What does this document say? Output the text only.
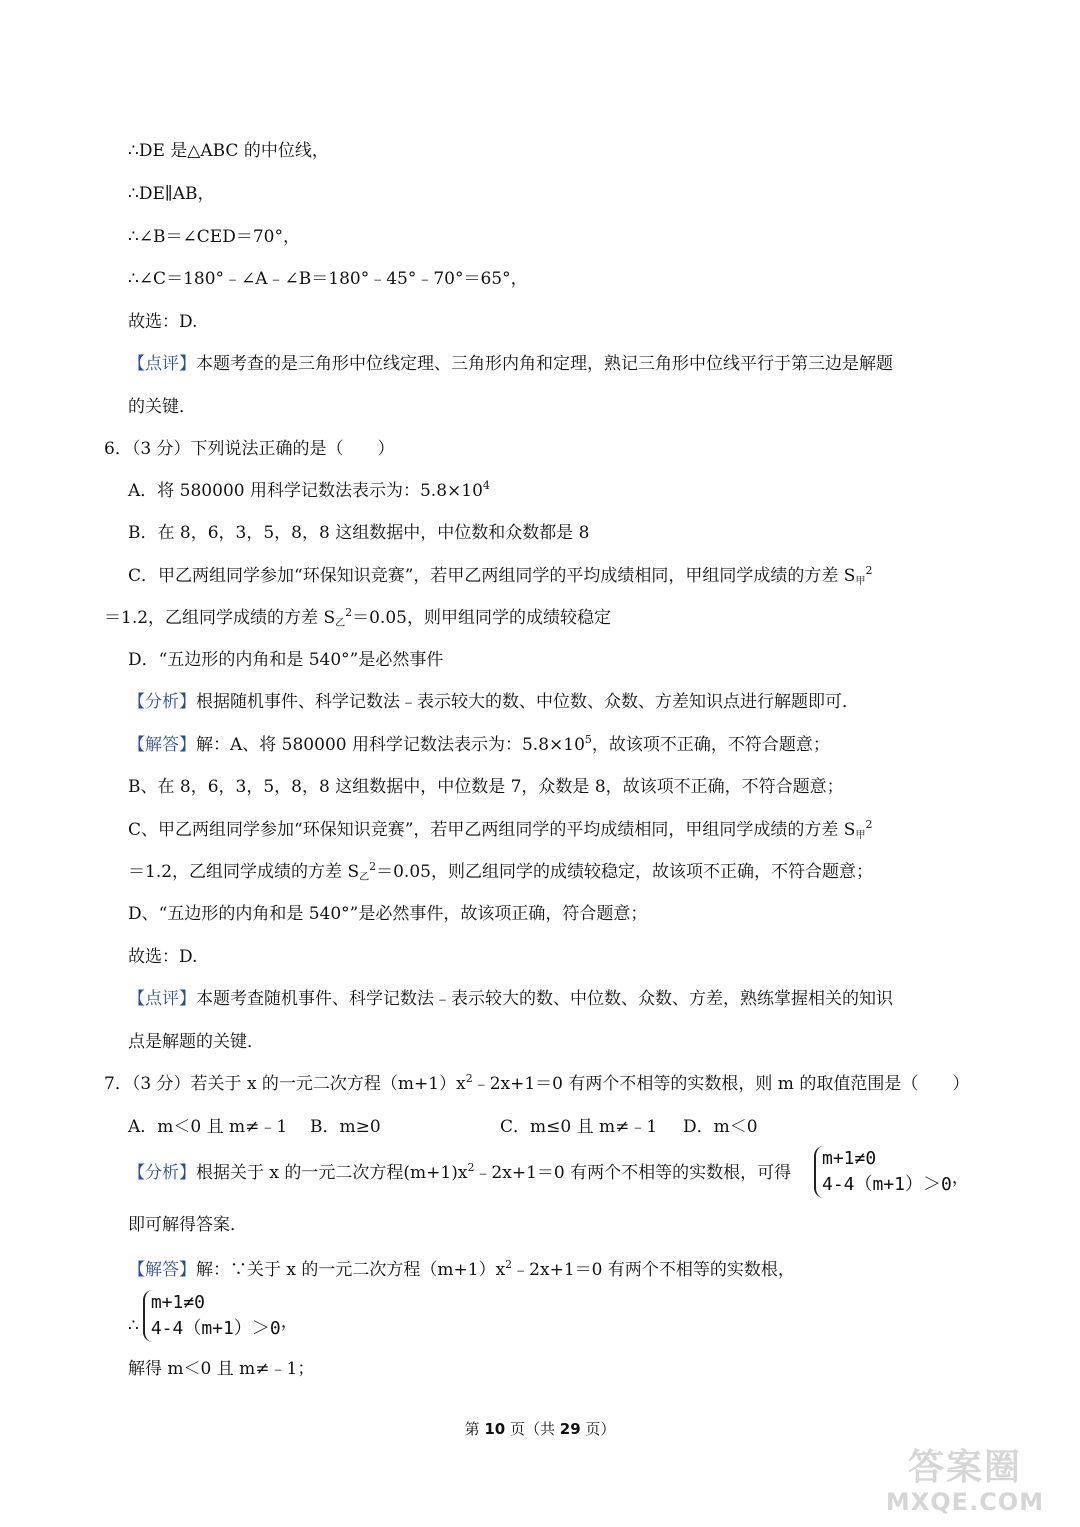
∴DE 是△ABC 的中位线，
∴DE∥AB，
∴∠B＝∠CED＝70°，
∴∠C＝180°﹣∠A﹣∠B＝180°﹣45°﹣70°＝65°，
故选：D.
【点评】本题考查的是三角形中位线定理、三角形内角和定理，熟记三角形中位线平行于第三边是解题
的关键．
6．（3 分）下列说法正确的是（　　）
A．将 580000 用科学记数法表示为：$5.8\times 10^4$
B．在 8，6，3，5，8，8 这组数据中，中位数和众数都是 8
C．甲乙两组同学参加“环保知识竞赛”，若甲乙两组同学的平均成绩相同，甲组同学成绩的方差 $S_甲^2$
＝1.2，乙组同学成绩的方差 $S_乙^2=0.05$，则甲组同学的成绩较稳定
D．“五边形的内角和是 540°”是必然事件
【分析】根据随机事件、科学记数法﹣表示较大的数、中位数、众数、方差知识点进行解题即可．
【解答】解：A、将 580000 用科学记数法表示为：$5.8\times 10^5$，故该项不正确，不符合题意；
B、在 8，6，3，5，8，8 这组数据中，中位数是 7，众数是 8，故该项不正确，不符合题意；
C、甲乙两组同学参加“环保知识竞赛”，若甲乙两组同学的平均成绩相同，甲组同学成绩的方差 $S_甲^2$
＝1.2，乙组同学成绩的方差 $S_乙^2=0.05$，则乙组同学的成绩较稳定，故该项不正确，不符合题意；
D、“五边形的内角和是 540°”是必然事件，故该项正确，符合题意；
故选：D.
【点评】本题考查随机事件、科学记数法﹣表示较大的数、中位数、众数、方差，熟练掌握相关的知识
点是解题的关键．
7．（3 分）若关于 x 的一元二次方程$(m+1)x^2﹣2x+1=0$ 有两个不相等的实数根，则 m 的取值范围是（　　）
A．m＜0 且 m≠﹣1 B．m≥0	C．m≤0 且 m≠﹣1 D．m＜0
【分析】根据关于 x 的一元二次方程$(m+1)x^2﹣2x+1=0$ 有两个不相等的实数根，可得
m+1≠0
4-4（m+1）＞0 ，
即可解得答案．
【解答】解：∵关于 x 的一元二次方程$(m+1)x^2﹣2x+1=0$ 有两个不相等的实数根，
∴
m+1≠0
4-4（m+1）＞0 ，
解得 m＜0 且 m≠﹣1；
第 10 页（共 29 页）
答案圈
MXQE.COM
